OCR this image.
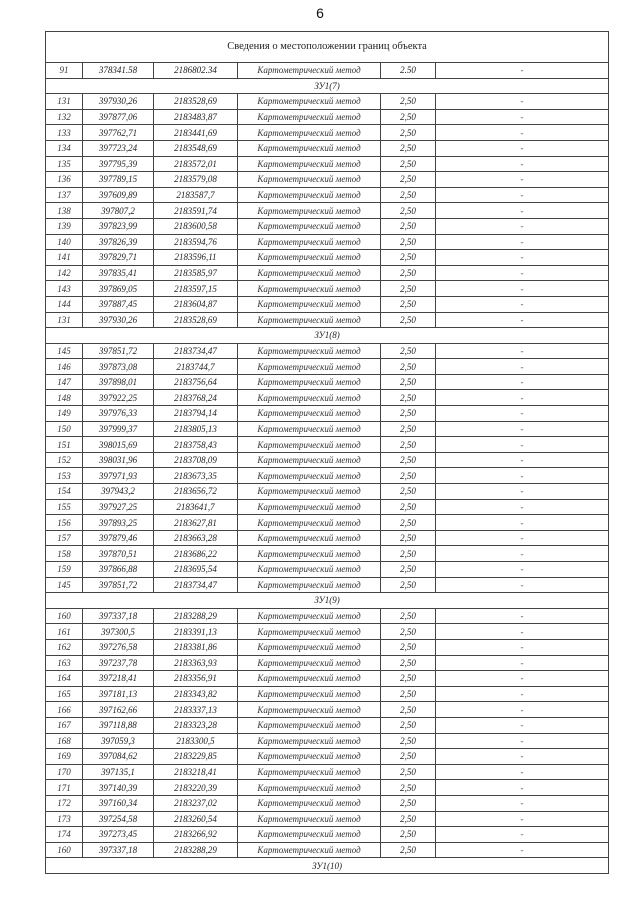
6
Сведения о местоположении границ объекта					
91	378341.58	2186802.34	Картометрический метод	2.50	-
ЗУ1(7)					
131	397930,26	2183528,69	Картометрический метод	2,50	-
132	397877,06	2183483,87	Картометрический метод	2,50	-
133	397762,71	2183441,69	Картометрический метод	2,50	-
134	397723,24	2183548,69	Картометрический метод	2,50	-
135	397795,39	2183572,01	Картометрический метод	2,50	-
136	397789,15	2183579,08	Картометрический метод	2,50	-
137	397609,89	2183587,7	Картометрический метод	2,50	-
138	397807,2	2183591,74	Картометрический метод	2,50	-
139	397823,99	2183600,58	Картометрический метод	2,50	-
140	397826,39	2183594,76	Картометрический метод	2,50	-
141	397829,71	2183596,11	Картометрический метод	2,50	-
142	397835,41	2183585,97	Картометрический метод	2,50	-
143	397869,05	2183597,15	Картометрический метод	2,50	-
144	397887,45	2183604,87	Картометрический метод	2,50	-
131	397930,26	2183528,69	Картометрический метод	2,50	-
ЗУ1(8)					
145	397851,72	2183734,47	Картометрический метод	2,50	-
146	397873,08	2183744,7	Картометрический метод	2,50	-
147	397898,01	2183756,64	Картометрический метод	2,50	-
148	397922,25	2183768,24	Картометрический метод	2,50	-
149	397976,33	2183794,14	Картометрический метод	2,50	-
150	397999,37	2183805,13	Картометрический метод	2,50	-
151	398015,69	2183758,43	Картометрический метод	2,50	-
152	398031,96	2183708,09	Картометрический метод	2,50	-
153	397971,93	2183673,35	Картометрический метод	2,50	-
154	397943,2	2183656,72	Картометрический метод	2,50	-
155	397927,25	2183641,7	Картометрический метод	2,50	-
156	397893,25	2183627,81	Картометрический метод	2,50	-
157	397879,46	2183663,28	Картометрический метод	2,50	-
158	397870,51	2183686,22	Картометрический метод	2,50	-
159	397866,88	2183695,54	Картометрический метод	2,50	-
145	397851,72	2183734,47	Картометрический метод	2,50	-
ЗУ1(9)					
160	397337,18	2183288,29	Картометрический метод	2,50	-
161	397300,5	2183391,13	Картометрический метод	2,50	-
162	397276,58	2183381,86	Картометрический метод	2,50	-
163	397237,78	2183363,93	Картометрический метод	2,50	-
164	397218,41	2183356,91	Картометрический метод	2,50	-
165	397181,13	2183343,82	Картометрический метод	2,50	-
166	397162,66	2183337,13	Картометрический метод	2,50	-
167	397118,88	2183323,28	Картометрический метод	2,50	-
168	397059,3	2183300,5	Картометрический метод	2,50	-
169	397084,62	2183229,85	Картометрический метод	2,50	-
170	397135,1	2183218,41	Картометрический метод	2,50	-
171	397140,39	2183220,39	Картометрический метод	2,50	-
172	397160,34	2183237,02	Картометрический метод	2,50	-
173	397254,58	2183260,54	Картометрический метод	2,50	-
174	397273,45	2183266,92	Картометрический метод	2,50	-
160	397337,18	2183288,29	Картометрический метод	2,50	-
ЗУ1(10)					
